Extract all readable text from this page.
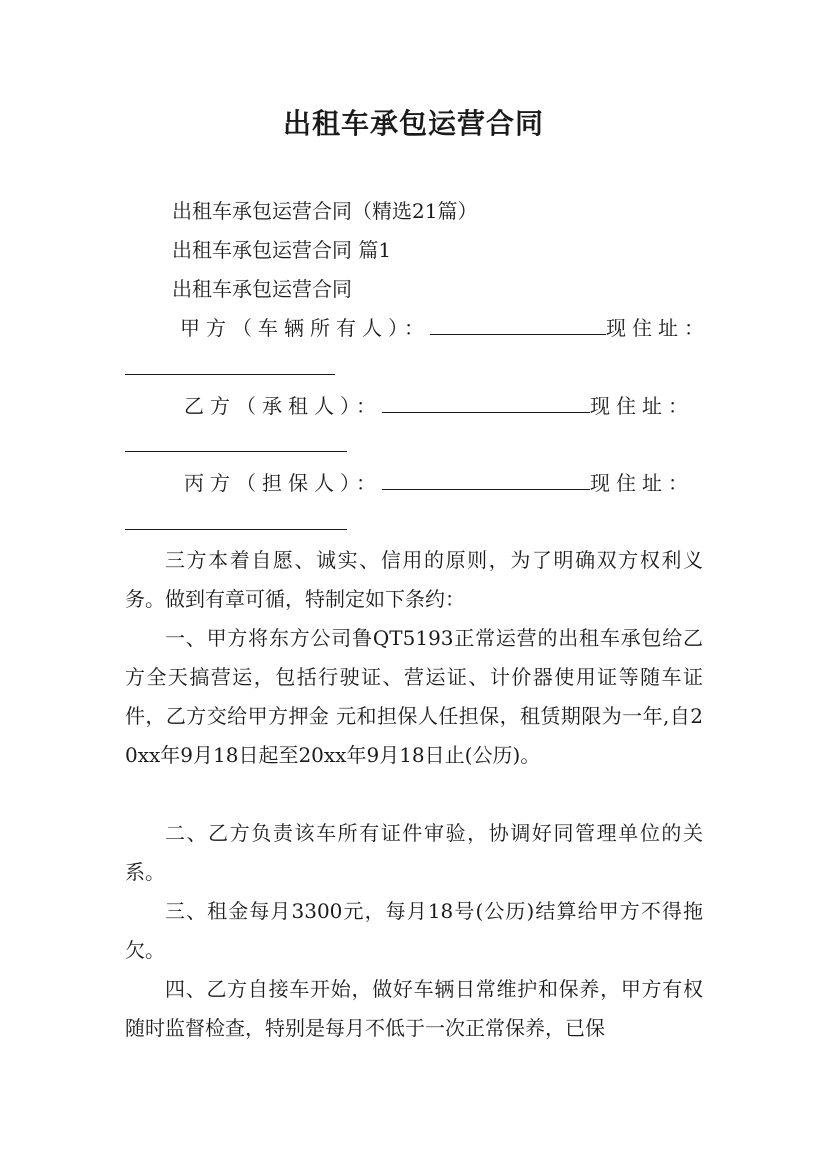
出租车承包运营合同
出租车承包运营合同（精选21篇）
出租车承包运营合同 篇1
出租车承包运营合同
甲方（车辆所有人）：	现住址：
乙方（承租人）：	现住址：
丙方（担保人）：	现住址：
三方本着自愿、诚实、信用的原则，为了明确双方权利义务。做到有章可循，特制定如下条约：
一、甲方将东方公司鲁QT5193正常运营的出租车承包给乙方全天搞营运，包括行驶证、营运证、计价器使用证等随车证件，乙方交给甲方押金 元和担保人任担保，租赁期限为一年,自20xx年9月18日起至20xx年9月18日止(公历)。
二、乙方负责该车所有证件审验，协调好同管理单位的关系。
三、租金每月3300元，每月18号(公历)结算给甲方不得拖欠。
四、乙方自接车开始，做好车辆日常维护和保养，甲方有权随时监督检查，特别是每月不低于一次正常保养，已保
